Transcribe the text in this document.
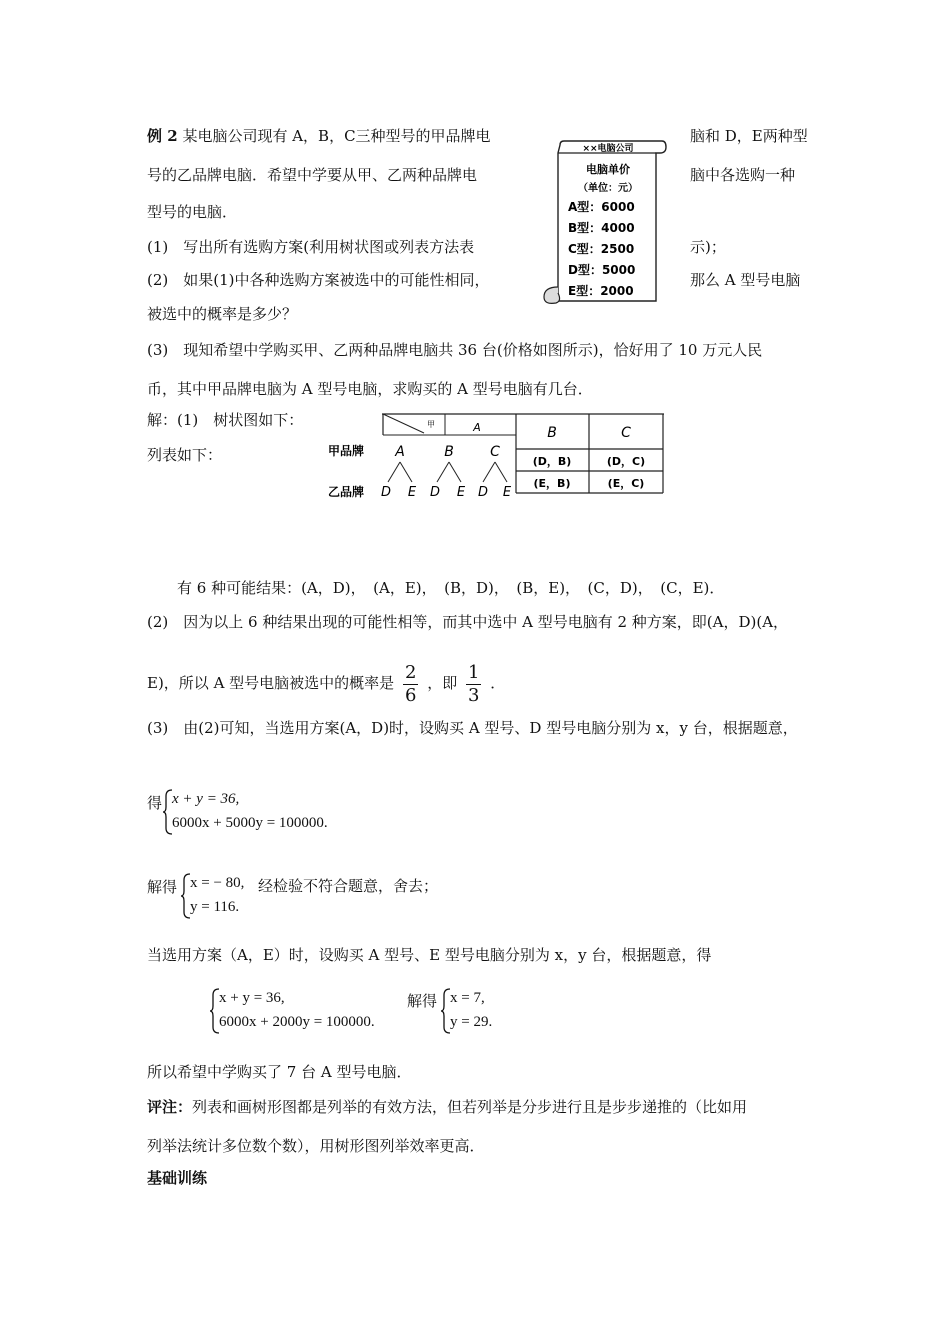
例 2 某电脑公司现有 A，B，C三种型号的甲品牌电	脑和 D，E两种型
号的乙品牌电脑．希望中学要从甲、乙两种品牌电	脑中各选购一种
型号的电脑．
(1)　写出所有选购方案(利用树状图或列表方法表	示)；
(2)　如果(1)中各种选购方案被选中的可能性相同，	那么 A 型号电脑
被选中的概率是多少？
(3)　现知希望中学购买甲、乙两种品牌电脑共 36 台(价格如图所示)，恰好用了 10 万元人民
币，其中甲品牌电脑为 A 型号电脑，求购买的 A 型号电脑有几台．
××电脑公司
电脑单价
（单位：元）
A型：6000
B型：4000
C型：2500
D型：5000
E型：2000
解：(1)　树状图如下：
列表如下：	甲品牌
乙品牌
A	B	C
D E D E D E
甲	A	B	C
(D，B)	(D，C)
(E，B)	(E，C)
有 6 种可能结果：(A，D)，　(A，E)，　(B，D)，　(B，E)，　(C，D)，　(C，E)．
(2)　因为以上 6 种结果出现的可能性相等，而其中选中 A 型号电脑有 2 种方案，即(A，D)(A，
E)，所以 A 型号电脑被选中的概率是 $\frac{2}{6}$ ，即 $\frac{1}{3}$ ．
(3)　由(2)可知，当选用方案(A，D)时，设购买 A 型号、D 型号电脑分别为 x，y 台，根据题意，
得 x + y = 36,
6000x + 5000y = 100000.
解得 x = − 80, 经检验不符合题意，舍去；
y = 116.
当选用方案（A，E）时，设购买 A 型号、E 型号电脑分别为 x，y 台，根据题意，得
x + y = 36,
6000x + 2000y = 100000.
解得 x = 7,
y = 29.
所以希望中学购买了 7 台 A 型号电脑．
评注：列表和画树形图都是列举的有效方法，但若列举是分步进行且是步步递推的（比如用
列举法统计多位数个数），用树形图列举效率更高．
基础训练
